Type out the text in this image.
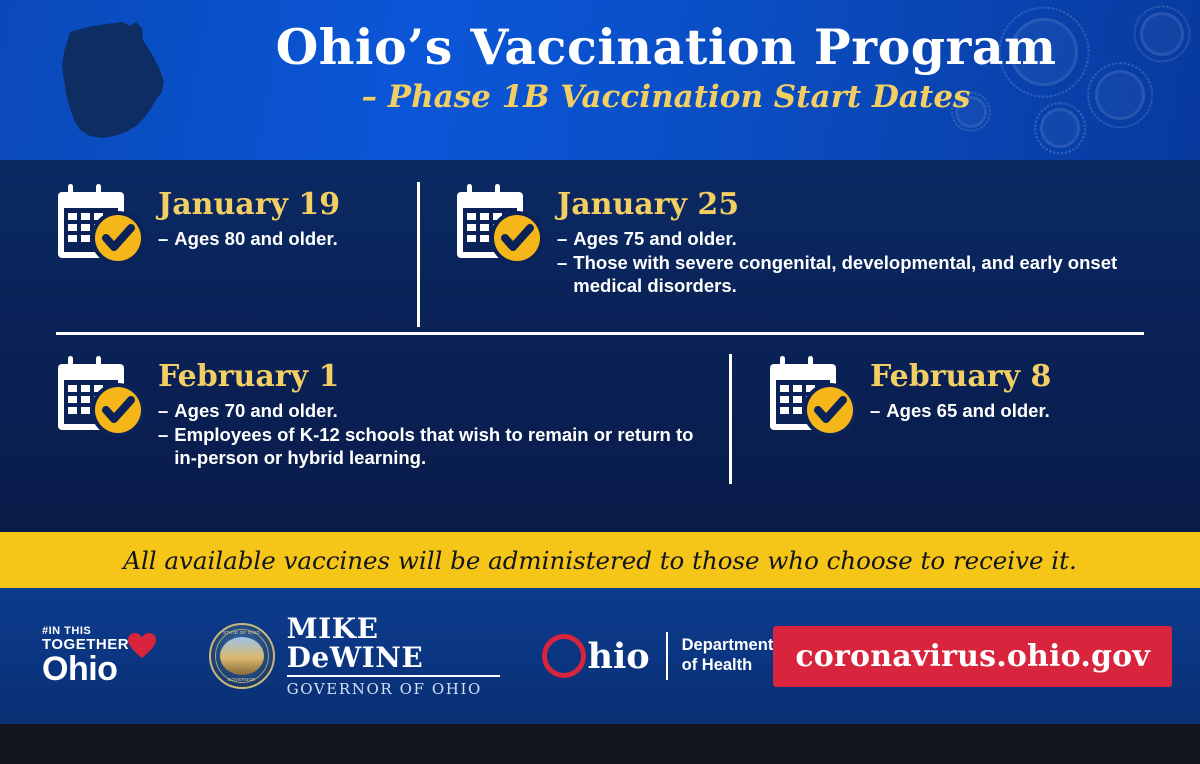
Ohio’s Vaccination Program
– Phase 1B Vaccination Start Dates
January 19
– Ages 80 and older.
January 25
– Ages 75 and older.
– Those with severe congenital, developmental, and early onset medical disorders.
February 1
– Ages 70 and older.
– Employees of K-12 schools that wish to remain or return to in-person or hybrid learning.
February 8
– Ages 65 and older.
All available vaccines will be administered to those who choose to receive it.
#IN THIS
TOGETHER
Ohio
STATE OF OHIO
GOVERNOR
MIKE DeWINE
GOVERNOR OF OHIO
hio Department
of Health	coronavirus.ohio.gov
